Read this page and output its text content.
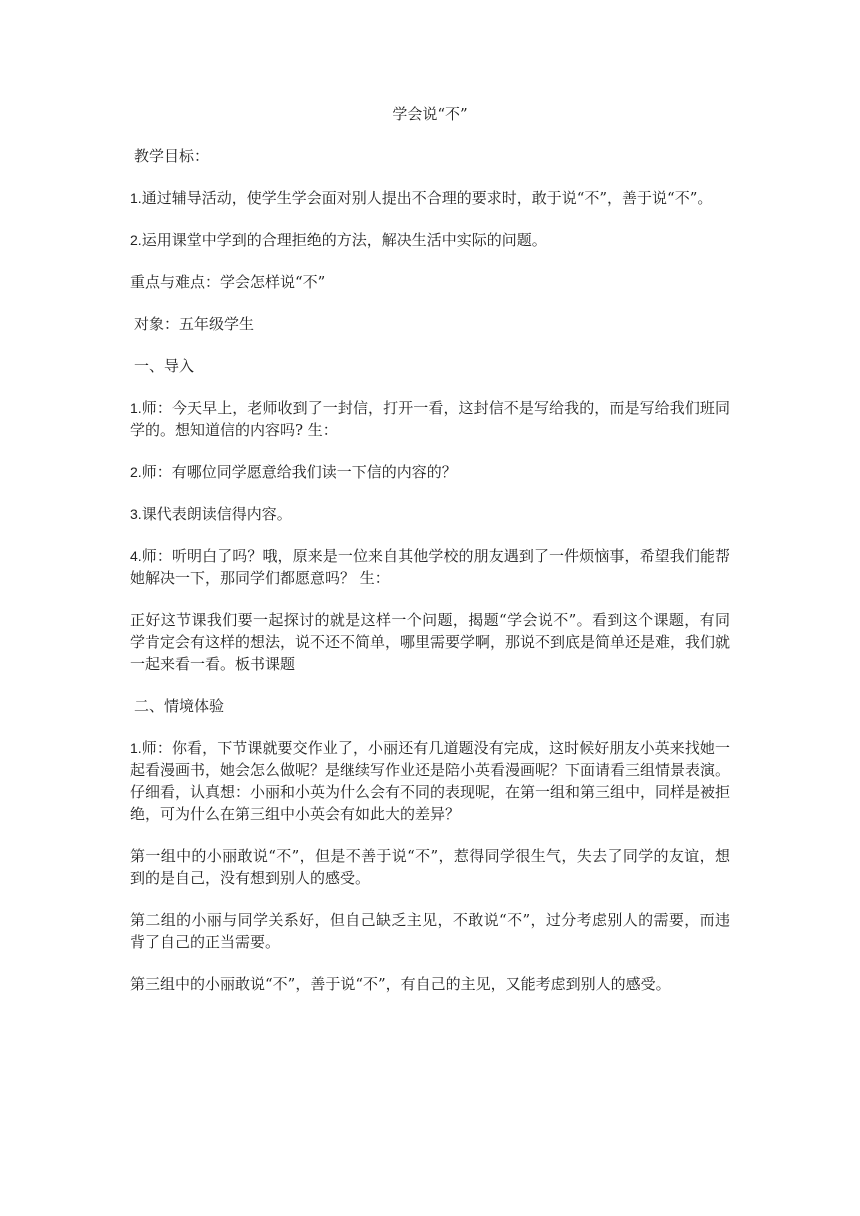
学会说“不”

教学目标：

1.通过辅导活动，使学生学会面对别人提出不合理的要求时，敢于说“不”，善于说“不”。

2.运用课堂中学到的合理拒绝的方法，解决生活中实际的问题。

重点与难点：学会怎样说“不”

对象：五年级学生

一、导入

1.师：今天早上，老师收到了一封信，打开一看，这封信不是写给我的，而是写给我们班同学的。想知道信的内容吗? 生：

2.师：有哪位同学愿意给我们读一下信的内容的？

3.课代表朗读信得内容。

4.师：听明白了吗？哦，原来是一位来自其他学校的朋友遇到了一件烦恼事，希望我们能帮她解决一下，那同学们都愿意吗？ 生：

正好这节课我们要一起探讨的就是这样一个问题，揭题“学会说不”。看到这个课题，有同学肯定会有这样的想法，说不还不简单，哪里需要学啊，那说不到底是简单还是难，我们就一起来看一看。板书课题

二、情境体验

1.师：你看，下节课就要交作业了，小丽还有几道题没有完成，这时候好朋友小英来找她一起看漫画书，她会怎么做呢？是继续写作业还是陪小英看漫画呢？下面请看三组情景表演。仔细看，认真想：小丽和小英为什么会有不同的表现呢，在第一组和第三组中，同样是被拒绝，可为什么在第三组中小英会有如此大的差异？

第一组中的小丽敢说“不”，但是不善于说“不”，惹得同学很生气，失去了同学的友谊，想到的是自己，没有想到别人的感受。

第二组的小丽与同学关系好，但自己缺乏主见，不敢说“不”，过分考虑别人的需要，而违背了自己的正当需要。

第三组中的小丽敢说“不”，善于说“不”，有自己的主见，又能考虑到别人的感受。
